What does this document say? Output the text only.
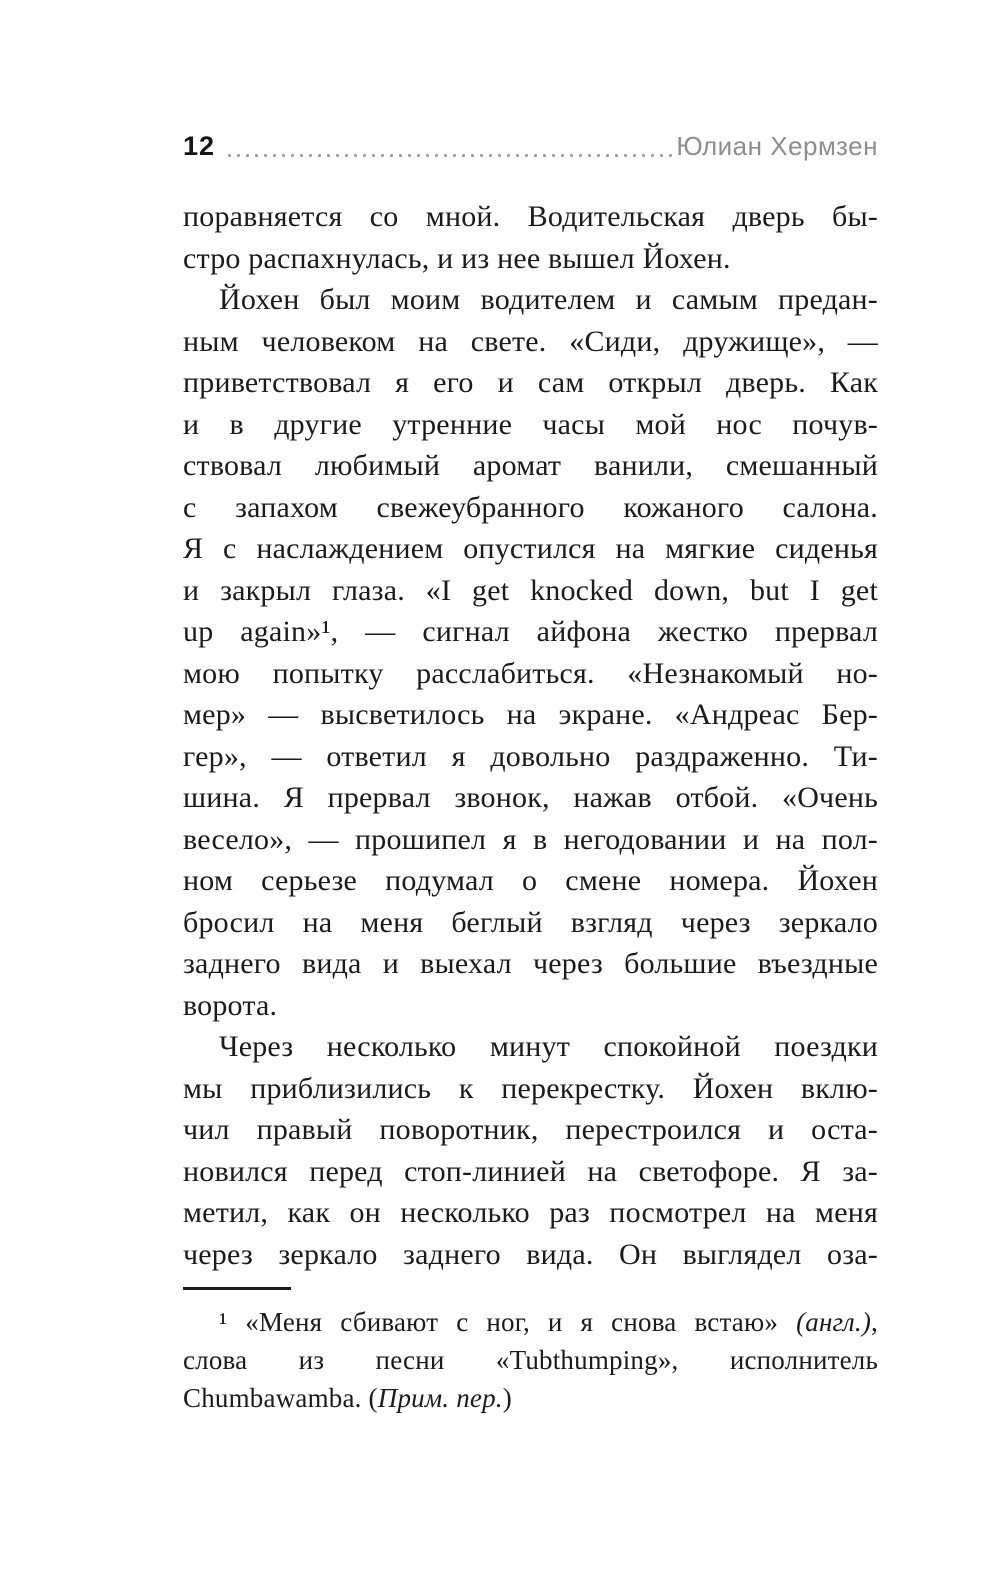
12	Юлиан Хермзен
поравняется со мной. Водительская дверь бы-
стро распахнулась, и из нее вышел Йохен.
Йохен был моим водителем и самым предан-
ным человеком на свете. «Сиди, дружище», —
приветствовал я его и сам открыл дверь. Как
и в другие утренние часы мой нос почув-
ствовал любимый аромат ванили, смешанный
с запахом свежеубранного кожаного салона.
Я с наслаждением опустился на мягкие сиденья
и закрыл глаза. «I get knocked down, but I get
up again»¹, — сигнал айфона жестко прервал
мою попытку расслабиться. «Незнакомый но-
мер» — высветилось на экране. «Андреас Бер-
гер», — ответил я довольно раздраженно. Ти-
шина. Я прервал звонок, нажав отбой. «Очень
весело», — прошипел я в негодовании и на пол-
ном серьезе подумал о смене номера. Йохен
бросил на меня беглый взгляд через зеркало
заднего вида и выехал через большие въездные
ворота.
Через несколько минут спокойной поездки
мы приблизились к перекрестку. Йохен вклю-
чил правый поворотник, перестроился и оста-
новился перед стоп-линией на светофоре. Я за-
метил, как он несколько раз посмотрел на меня
через зеркало заднего вида. Он выглядел оза-
¹ «Меня сбивают с ног, и я снова встаю» (англ.),
слова из песни «Tubthumping», исполнитель
Chumbawamba. (Прим. пер.)
